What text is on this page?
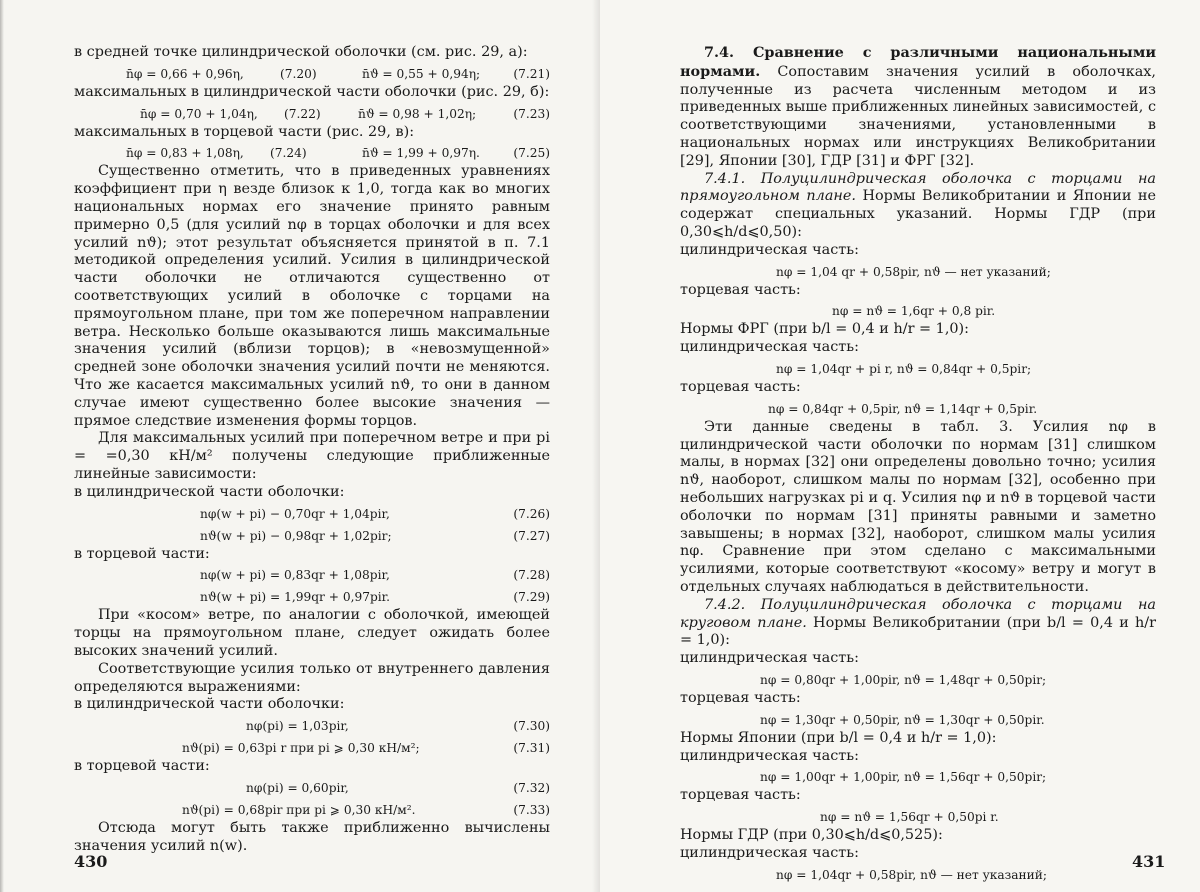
в средней точке цилиндрической оболочки (см. рис. 29, а):

n̄φ = 0,66 + 0,96η,	(7.20)	n̄ϑ = 0,55 + 0,94η;	(7.21)

максимальных в цилиндрической части оболочки (рис. 29, б):

n̄φ = 0,70 + 1,04η, (7.22)	n̄ϑ = 0,98 + 1,02η;	(7.23)

максимальных в торцевой части (рис. 29, в):

n̄φ = 0,83 + 1,08η, (7.24)	n̄ϑ = 1,99 + 0,97η.	(7.25)

Существенно отметить, что в приведенных уравнениях коэффициент при η везде близок к 1,0, тогда как во многих национальных нормах его значение принято равным примерно 0,5 (для усилий nφ в торцах оболочки и для всех усилий nϑ); этот результат объясняется принятой в п. 7.1 методикой определения усилий. Усилия в цилиндрической части оболочки не отличаются существенно от соответствующих усилий в оболочке с торцами на прямоугольном плане, при том же поперечном направлении ветра. Несколько больше оказываются лишь максимальные значения усилий (вблизи торцов); в «невозмущенной» средней зоне оболочки значения усилий почти не меняются. Что же касается максимальных усилий nϑ, то они в данном случае имеют существенно более высокие значения — прямое следствие изменения формы торцов.

Для максимальных усилий при поперечном ветре и при pi = =0,30 кН/м² получены следующие приближенные линейные зависимости:

в цилиндрической части оболочки:

nφ(w + pi) − 0,70qr + 1,04pir,	(7.26)
nϑ(w + pi) − 0,98qr + 1,02pir;	(7.27)

в торцевой части:

nφ(w + pi) = 0,83qr + 1,08pir,	(7.28)
nϑ(w + pi) = 1,99qr + 0,97pir.	(7.29)

При «косом» ветре, по аналогии с оболочкой, имеющей торцы на прямоугольном плане, следует ожидать более высоких значений усилий.

Соответствующие усилия только от внутреннего давления определяются выражениями:

в цилиндрической части оболочки:

nφ(pi) = 1,03pir,	(7.30)
nϑ(pi) = 0,63pi r при pi ⩾ 0,30 кН/м²;	(7.31)

в торцевой части:

nφ(pi) = 0,60pir,	(7.32)
nϑ(pi) = 0,68pir при pi ⩾ 0,30 кН/м².	(7.33)

Отсюда могут быть также приближенно вычислены значения усилий n(w).

430

7.4. Сравнение с различными национальными нормами. Сопоставим значения усилий в оболочках, полученные из расчета численным методом и из приведенных выше приближенных линейных зависимостей, с соответствующими значениями, установленными в национальных нормах или инструкциях Великобритании [29], Японии [30], ГДР [31] и ФРГ [32].

7.4.1. Полуцилиндрическая оболочка с торцами на прямоугольном плане. Нормы Великобритании и Японии не содержат специальных указаний. Нормы ГДР (при 0,30⩽h/d⩽0,50):

цилиндрическая часть:

nφ = 1,04 qr + 0,58pir, nϑ — нет указаний;

торцевая часть:

nφ = nϑ = 1,6qr + 0,8 pir.

Нормы ФРГ (при b/l = 0,4 и h/r = 1,0):

цилиндрическая часть:

nφ = 1,04qr + pi r, nϑ = 0,84qr + 0,5pir;

торцевая часть:

nφ = 0,84qr + 0,5pir, nϑ = 1,14qr + 0,5pir.

Эти данные сведены в табл. 3. Усилия nφ в цилиндрической части оболочки по нормам [31] слишком малы, в нормах [32] они определены довольно точно; усилия nϑ, наоборот, слишком малы по нормам [32], особенно при небольших нагрузках pi и q. Усилия nφ и nϑ в торцевой части оболочки по нормам [31] приняты равными и заметно завышены; в нормах [32], наоборот, слишком малы усилия nφ. Сравнение при этом сделано с максимальными усилиями, которые соответствуют «косому» ветру и могут в отдельных случаях наблюдаться в действительности.

7.4.2. Полуцилиндрическая оболочка с торцами на круговом плане. Нормы Великобритании (при b/l = 0,4 и h/r = 1,0):

цилиндрическая часть:

nφ = 0,80qr + 1,00pir, nϑ = 1,48qr + 0,50pir;

торцевая часть:

nφ = 1,30qr + 0,50pir, nϑ = 1,30qr + 0,50pir.

Нормы Японии (при b/l = 0,4 и h/r = 1,0):

цилиндрическая часть:

nφ = 1,00qr + 1,00pir, nϑ = 1,56qr + 0,50pir;

торцевая часть:

nφ = nϑ = 1,56qr + 0,50pi r.

Нормы ГДР (при 0,30⩽h/d⩽0,525):

цилиндрическая часть:

nφ = 1,04qr + 0,58pir, nϑ — нет указаний;
431
